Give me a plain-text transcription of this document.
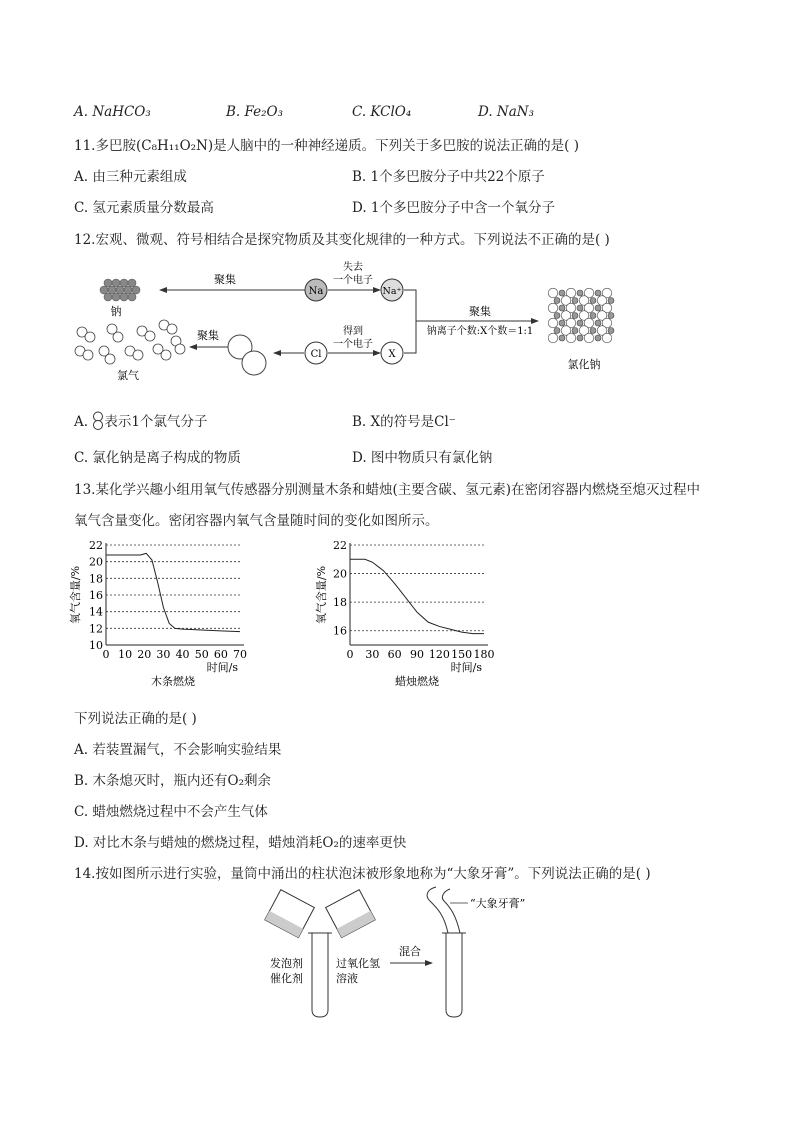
A. NaHCO₃	B. Fe₂O₃	C. KClO₄	D. NaN₃
11.多巴胺(C₈H₁₁O₂N)是人脑中的一种神经递质。下列关于多巴胺的说法正确的是( )
A. 由三种元素组成	B. 1个多巴胺分子中共22个原子
C. 氢元素质量分数最高	D. 1个多巴胺分子中含一个氧分子
12.宏观、微观、符号相结合是探究物质及其变化规律的一种方式。下列说法不正确的是( )
钠
聚集
Na
失去
一个电子
Na⁺
氯气
聚集
Cl
得到
一个电子
X
聚集
钠离子个数:X个数＝1:1
氯化钠
A. 表示1个氯气分子	B. X的符号是Cl⁻
C. 氯化钠是离子构成的物质	D. 图中物质只有氯化钠
13.某化学兴趣小组用氧气传感器分别测量木条和蜡烛(主要含碳、氢元素)在密闭容器内燃烧至熄灭过程中
氧气含量变化。密闭容器内氧气含量随时间的变化如图所示。
10
12
14
16
18
20
22
0 10 20 30 40 50 60 70
时间/s
氧气含量/%
木条燃烧
16
18
20
22
0 30 60 90 120 150 180
时间/s
氧气含量/%
蜡烛燃烧
下列说法正确的是( )
A. 若装置漏气，不会影响实验结果
B. 木条熄灭时，瓶内还有O₂剩余
C. 蜡烛燃烧过程中不会产生气体
D. 对比木条与蜡烛的燃烧过程，蜡烛消耗O₂的速率更快
14.按如图所示进行实验，量筒中涌出的柱状泡沫被形象地称为“大象牙膏”。下列说法正确的是( )
发泡剂
催化剂
过氧化氢
溶液
混合
“大象牙膏”
